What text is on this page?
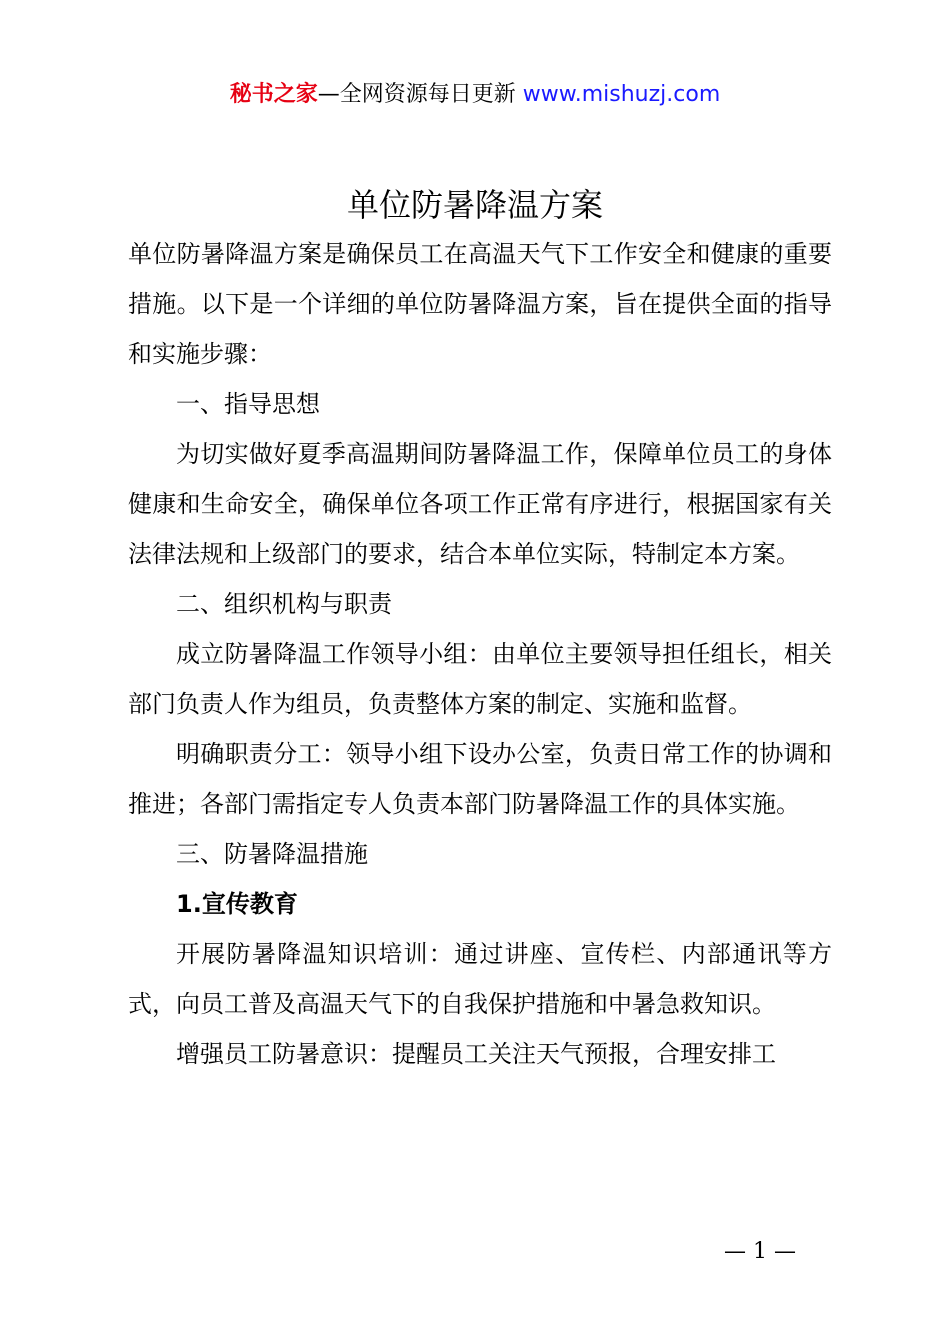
秘书之家—全网资源每日更新 www.mishuzj.com
单位防暑降温方案

单位防暑降温方案是确保员工在高温天气下工作安全和健康的重要措施。以下是一个详细的单位防暑降温方案，旨在提供全面的指导和实施步骤：

一、指导思想

为切实做好夏季高温期间防暑降温工作，保障单位员工的身体健康和生命安全，确保单位各项工作正常有序进行，根据国家有关法律法规和上级部门的要求，结合本单位实际，特制定本方案。

二、组织机构与职责

成立防暑降温工作领导小组：由单位主要领导担任组长，相关部门负责人作为组员，负责整体方案的制定、实施和监督。

明确职责分工：领导小组下设办公室，负责日常工作的协调和推进；各部门需指定专人负责本部门防暑降温工作的具体实施。

三、防暑降温措施

1.宣传教育

开展防暑降温知识培训：通过讲座、宣传栏、内部通讯等方式，向员工普及高温天气下的自我保护措施和中暑急救知识。

增强员工防暑意识：提醒员工关注天气预报，合理安排工

— 1 —
